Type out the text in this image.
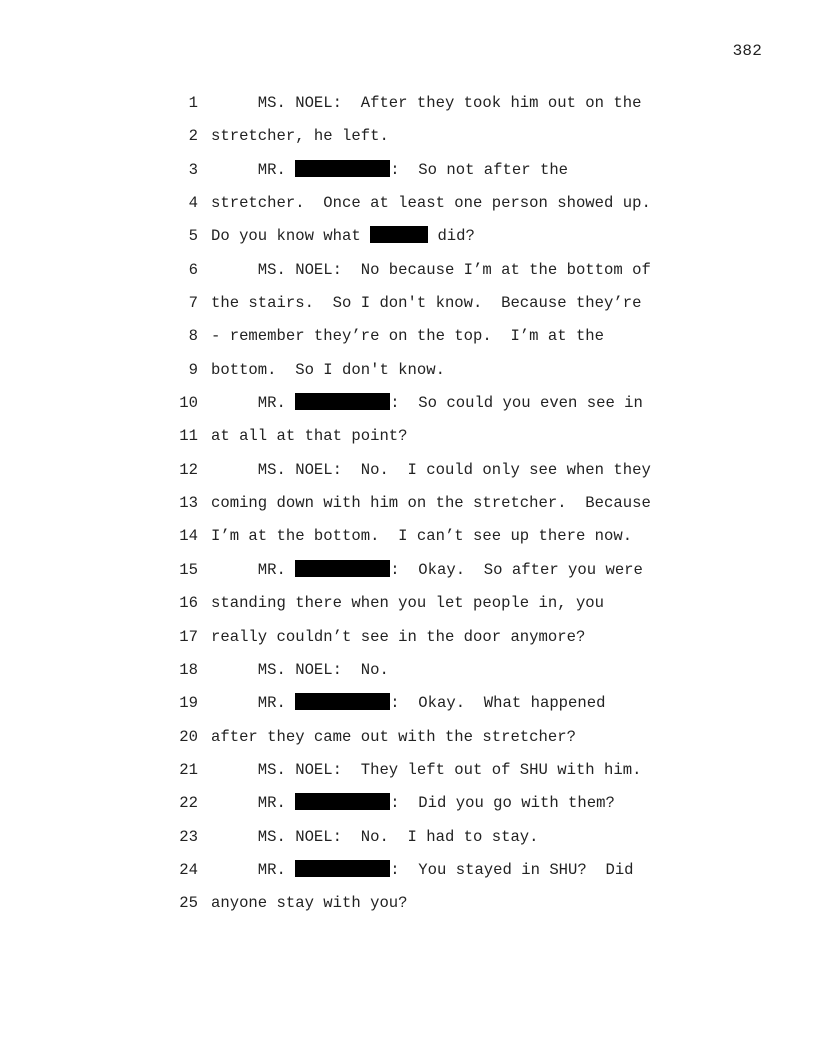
382
1 MS. NOEL:  After they took him out on the
2 stretcher, he left.
3 MR.	:  So not after the
4 stretcher.  Once at least one person showed up.
5 Do you know what	did?
6 MS. NOEL:  No because I’m at the bottom of
7 the stairs.  So I don't know.  Because they’re
8 - remember they’re on the top.  I’m at the
9 bottom.  So I don't know.
10 MR.	:  So could you even see in
11 at all at that point?
12 MS. NOEL:  No.  I could only see when they
13 coming down with him on the stretcher.  Because
14 I’m at the bottom.  I can’t see up there now.
15 MR.	:  Okay.  So after you were
16 standing there when you let people in, you
17 really couldn’t see in the door anymore?
18 MS. NOEL:  No.
19 MR.	:  Okay.  What happened
20 after they came out with the stretcher?
21 MS. NOEL:  They left out of SHU with him.
22 MR.	:  Did you go with them?
23 MS. NOEL:  No.  I had to stay.
24 MR.	:  You stayed in SHU?  Did
25 anyone stay with you?
